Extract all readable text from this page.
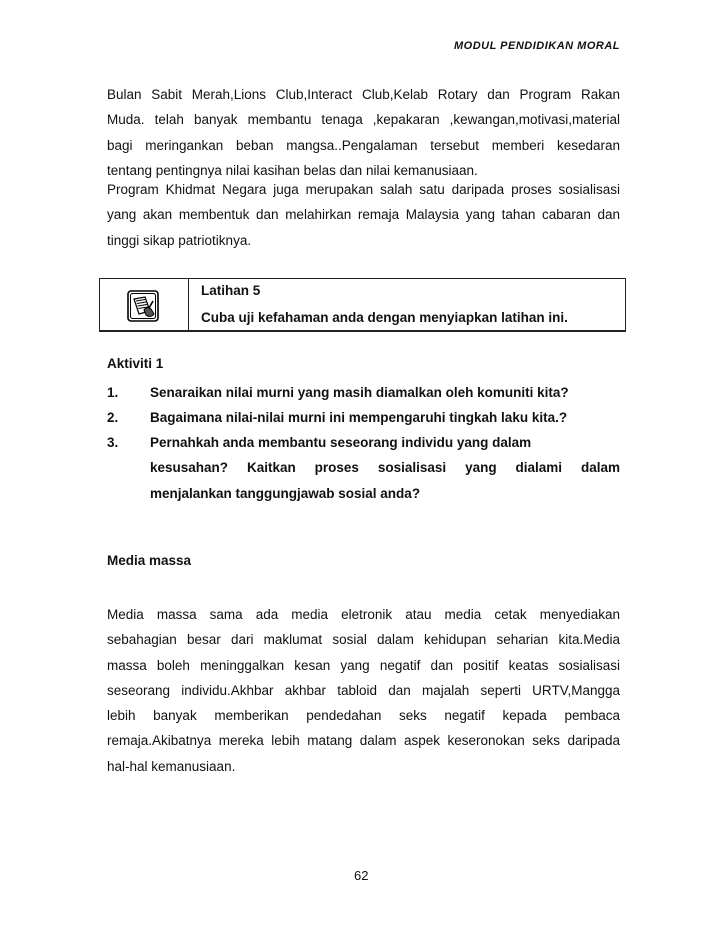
MODUL PENDIDIKAN MORAL
Bulan Sabit Merah,Lions Club,Interact Club,Kelab Rotary dan Program Rakan
Muda. telah banyak membantu tenaga ,kepakaran ,kewangan,motivasi,material
bagi meringankan beban mangsa..Pengalaman tersebut memberi kesedaran
tentang pentingnya nilai kasihan belas dan nilai kemanusiaan.
Program Khidmat Negara juga merupakan salah satu daripada proses sosialisasi
yang akan membentuk dan melahirkan remaja Malaysia yang tahan cabaran dan
tinggi sikap patriotiknya.
Latihan 5
Cuba uji kefahaman anda dengan menyiapkan latihan ini.
Aktiviti 1
1. Senaraikan nilai murni yang masih diamalkan oleh komuniti kita?
2. Bagaimana nilai-nilai murni ini mempengaruhi tingkah laku kita.?
3. Pernahkah anda membantu seseorang individu yang dalam
kesusahan? Kaitkan proses sosialisasi yang dialami dalam
menjalankan tanggungjawab sosial anda?
Media massa
Media massa sama ada media eletronik atau media cetak menyediakan
sebahagian besar dari maklumat sosial dalam kehidupan seharian kita.Media
massa boleh meninggalkan kesan yang negatif dan positif keatas sosialisasi
seseorang individu.Akhbar akhbar tabloid dan majalah seperti URTV,Mangga
lebih banyak memberikan pendedahan seks negatif kepada pembaca
remaja.Akibatnya mereka lebih matang dalam aspek keseronokan seks daripada
hal-hal kemanusiaan.
62
